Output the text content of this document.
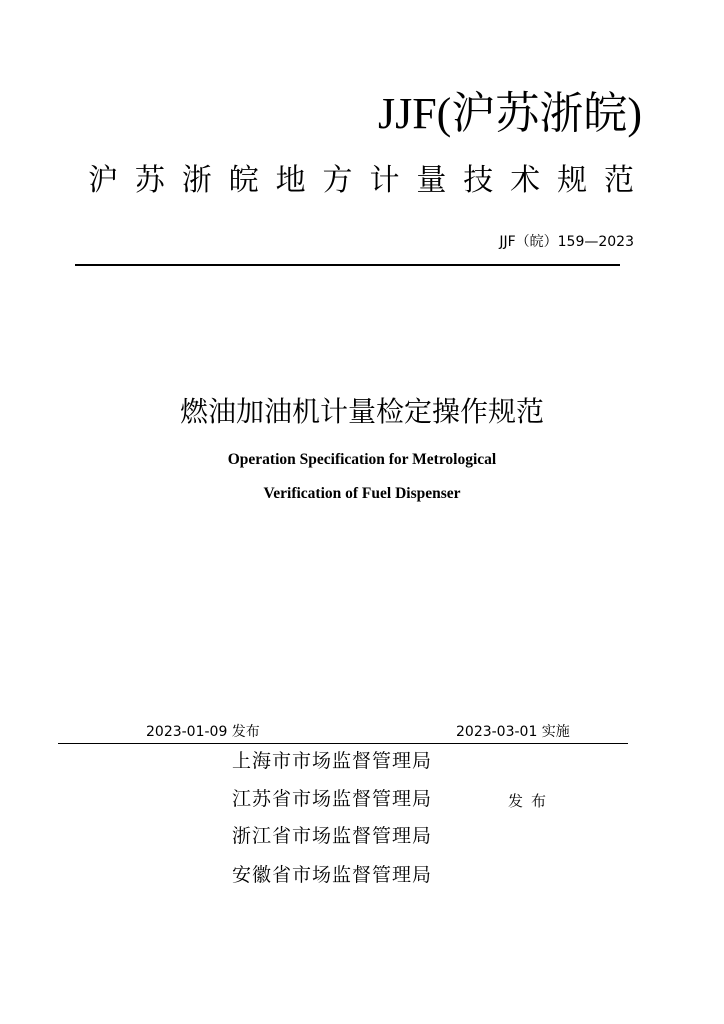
JJF(沪苏浙皖)
沪苏浙皖地方计量技术规范
JJF（皖）159—2023
燃油加油机计量检定操作规范
Operation Specification for Metrological
Verification of Fuel Dispenser
2023-01-09 发布	2023-03-01 实施
上海市市场监督管理局
江苏省市场监督管理局
浙江省市场监督管理局
安徽省市场监督管理局
发布
